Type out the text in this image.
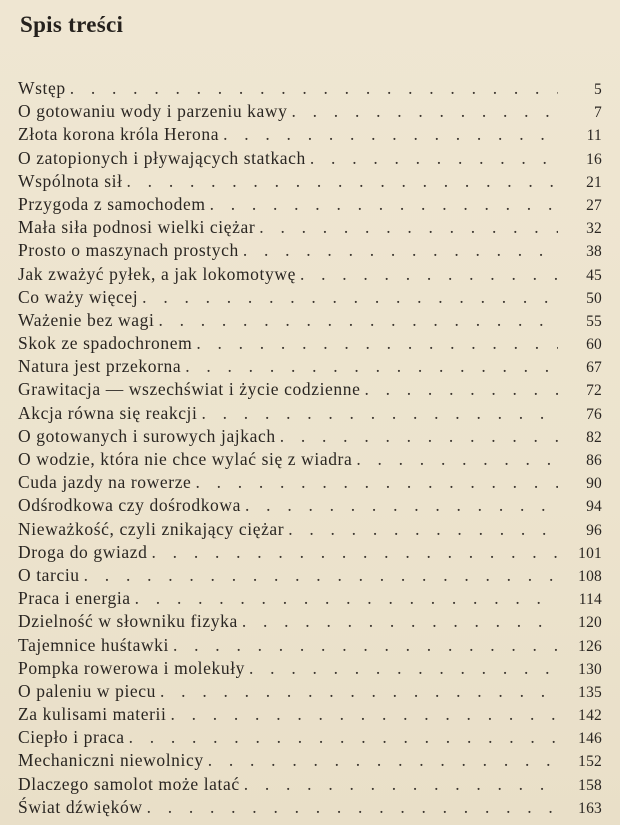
Spis treści
Wstęp . . .	5
O gotowaniu wody i parzeniu kawy . . .	7
Złota korona króla Herona . . .	11
O zatopionych i pływających statkach . . .	16
Wspólnota sił . . .	21
Przygoda z samochodem . . .	27
Mała siła podnosi wielki ciężar . . .	32
Prosto o maszynach prostych . . .	38
Jak zważyć pyłek, a jak lokomotywę . . .	45
Co waży więcej . . .	50
Ważenie bez wagi . . .	55
Skok ze spadochronem . . .	60
Natura jest przekorna . . .	67
Grawitacja — wszechświat i życie codzienne . . .	72
Akcja równa się reakcji . . .	76
O gotowanych i surowych jajkach . . .	82
O wodzie, która nie chce wylać się z wiadra . . .	86
Cuda jazdy na rowerze . . .	90
Odśrodkowa czy dośrodkowa . . .	94
Nieważkość, czyli znikający ciężar . . .	96
Droga do gwiazd . . .	101
O tarciu . . .	108
Praca i energia . . .	114
Dzielność w słowniku fizyka . . .	120
Tajemnice huśtawki . . .	126
Pompka rowerowa i molekuły . . .	130
O paleniu w piecu . . .	135
Za kulisami materii . . .	142
Ciepło i praca . . .	146
Mechaniczni niewolnicy . . .	152
Dlaczego samolot może latać . . .	158
Świat dźwięków . . .	163
